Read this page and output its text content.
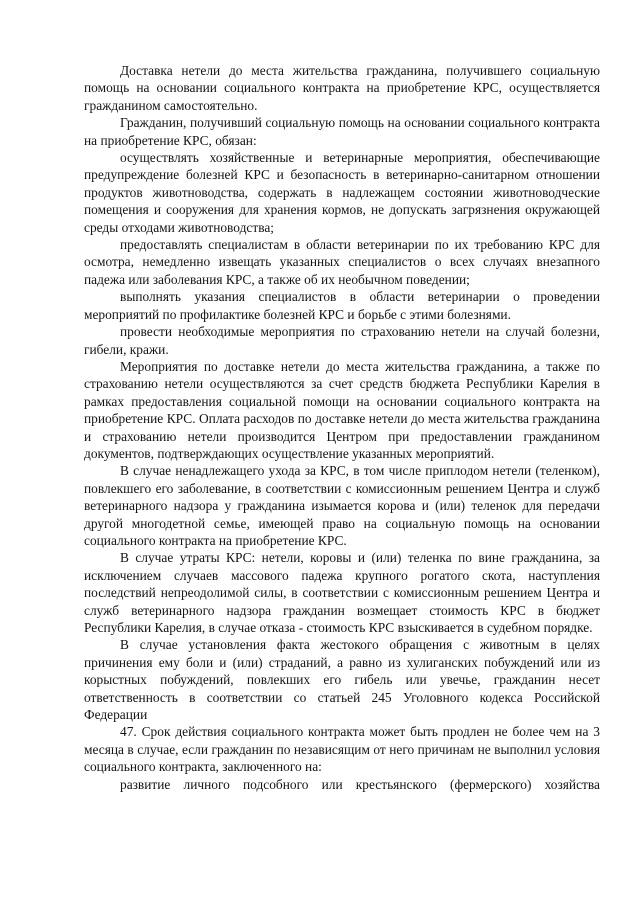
Доставка нетели до места жительства гражданина, получившего социальную помощь на основании социального контракта на приобретение КРС, осуществляется гражданином самостоятельно.

Гражданин, получивший социальную помощь на основании социального контракта на приобретение КРС, обязан:

осуществлять хозяйственные и ветеринарные мероприятия, обеспечивающие предупреждение болезней КРС и безопасность в ветеринарно-санитарном отношении продуктов животноводства, содержать в надлежащем состоянии животноводческие помещения и сооружения для хранения кормов, не допускать загрязнения окружающей среды отходами животноводства;

предоставлять специалистам в области ветеринарии по их требованию КРС для осмотра, немедленно извещать указанных специалистов о всех случаях внезапного падежа или заболевания КРС, а также об их необычном поведении;

выполнять указания специалистов в области ветеринарии о проведении мероприятий по профилактике болезней КРС и борьбе с этими болезнями.

провести необходимые мероприятия по страхованию нетели на случай болезни, гибели, кражи.

Мероприятия по доставке нетели до места жительства гражданина, а также по страхованию нетели осуществляются за счет средств бюджета Республики Карелия в рамках предоставления социальной помощи на основании социального контракта на приобретение КРС. Оплата расходов по доставке нетели до места жительства гражданина и страхованию нетели производится Центром при предоставлении гражданином документов, подтверждающих осуществление указанных мероприятий.

В случае ненадлежащего ухода за КРС, в том числе приплодом нетели (теленком), повлекшего его заболевание, в соответствии с комиссионным решением Центра и служб ветеринарного надзора у гражданина изымается корова и (или) теленок для передачи другой многодетной семье, имеющей право на социальную помощь на основании социального контракта на приобретение КРС.

В случае утраты КРС: нетели, коровы и (или) теленка по вине гражданина, за исключением случаев массового падежа крупного рогатого скота, наступления последствий непреодолимой силы, в соответствии с комиссионным решением Центра и служб ветеринарного надзора гражданин возмещает стоимость КРС в бюджет Республики Карелия, в случае отказа - стоимость КРС взыскивается в судебном порядке.

В случае установления факта жестокого обращения с животным в целях причинения ему боли и (или) страданий, а равно из хулиганских побуждений или из корыстных побуждений, повлекших его гибель или увечье, гражданин несет ответственность в соответствии со статьей 245 Уголовного кодекса Российской Федерации

47. Срок действия социального контракта может быть продлен не более чем на 3 месяца в случае, если гражданин по независящим от него причинам не выполнил условия социального контракта, заключенного на:

развитие личного подсобного или крестьянского (фермерского) хозяйства
